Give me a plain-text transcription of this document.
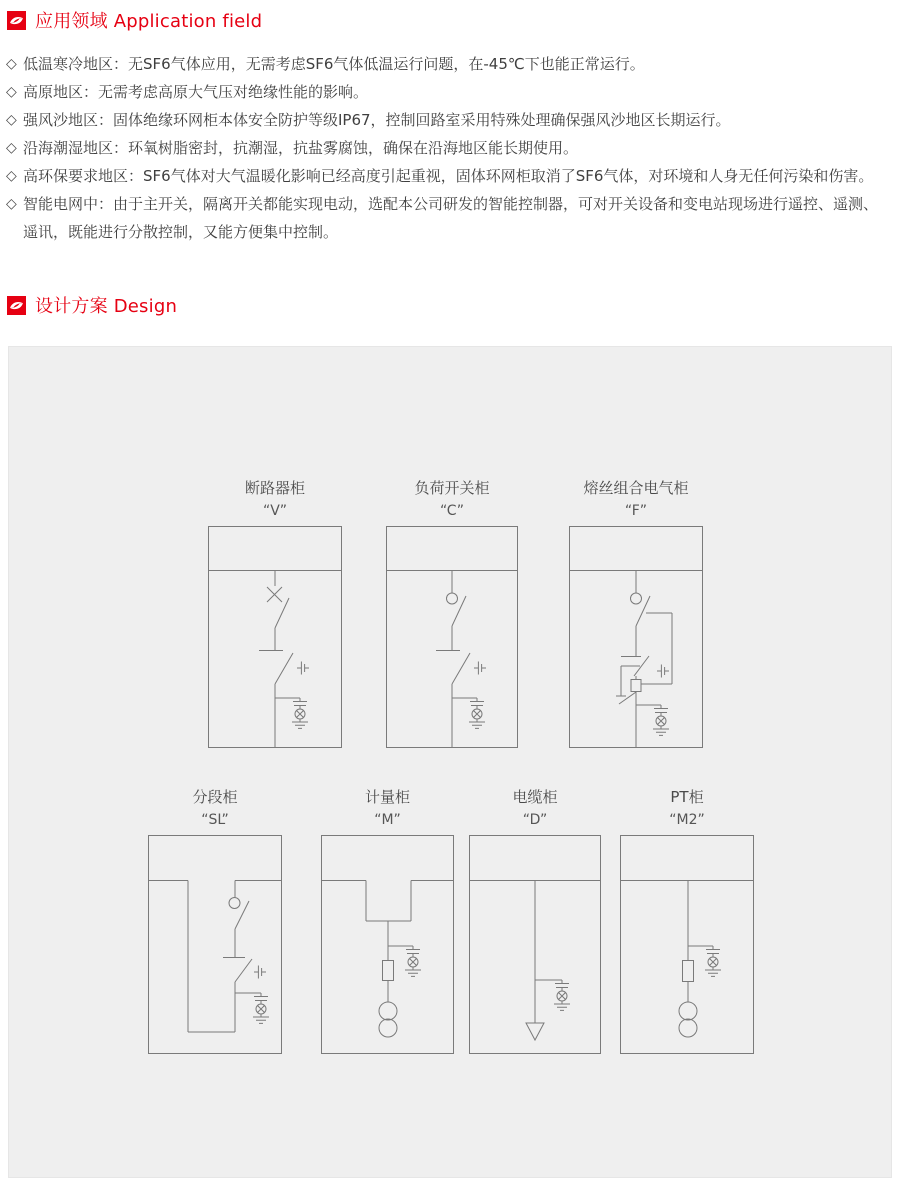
应用领域 Application field
◇ 低温寒冷地区：无SF6气体应用，无需考虑SF6气体低温运行问题，在-45℃下也能正常运行。
◇ 高原地区：无需考虑高原大气压对绝缘性能的影响。
◇ 强风沙地区：固体绝缘环网柜本体安全防护等级IP67，控制回路室采用特殊处理确保强风沙地区长期运行。
◇ 沿海潮湿地区：环氧树脂密封，抗潮湿，抗盐雾腐蚀，确保在沿海地区能长期使用。
◇ 高环保要求地区：SF6气体对大气温暖化影响已经高度引起重视，固体环网柜取消了SF6气体，对环境和人身无任何污染和伤害。
◇ 智能电网中：由于主开关，隔离开关都能实现电动，选配本公司研发的智能控制器，可对开关设备和变电站现场进行遥控、遥测、
遥讯，既能进行分散控制，又能方便集中控制。
设计方案 Design
断路器柜
“V”
负荷开关柜
“C”
熔丝组合电气柜
“F”
分段柜
“SL”
计量柜
“M”
电缆柜
“D”
PT柜
“M2”
